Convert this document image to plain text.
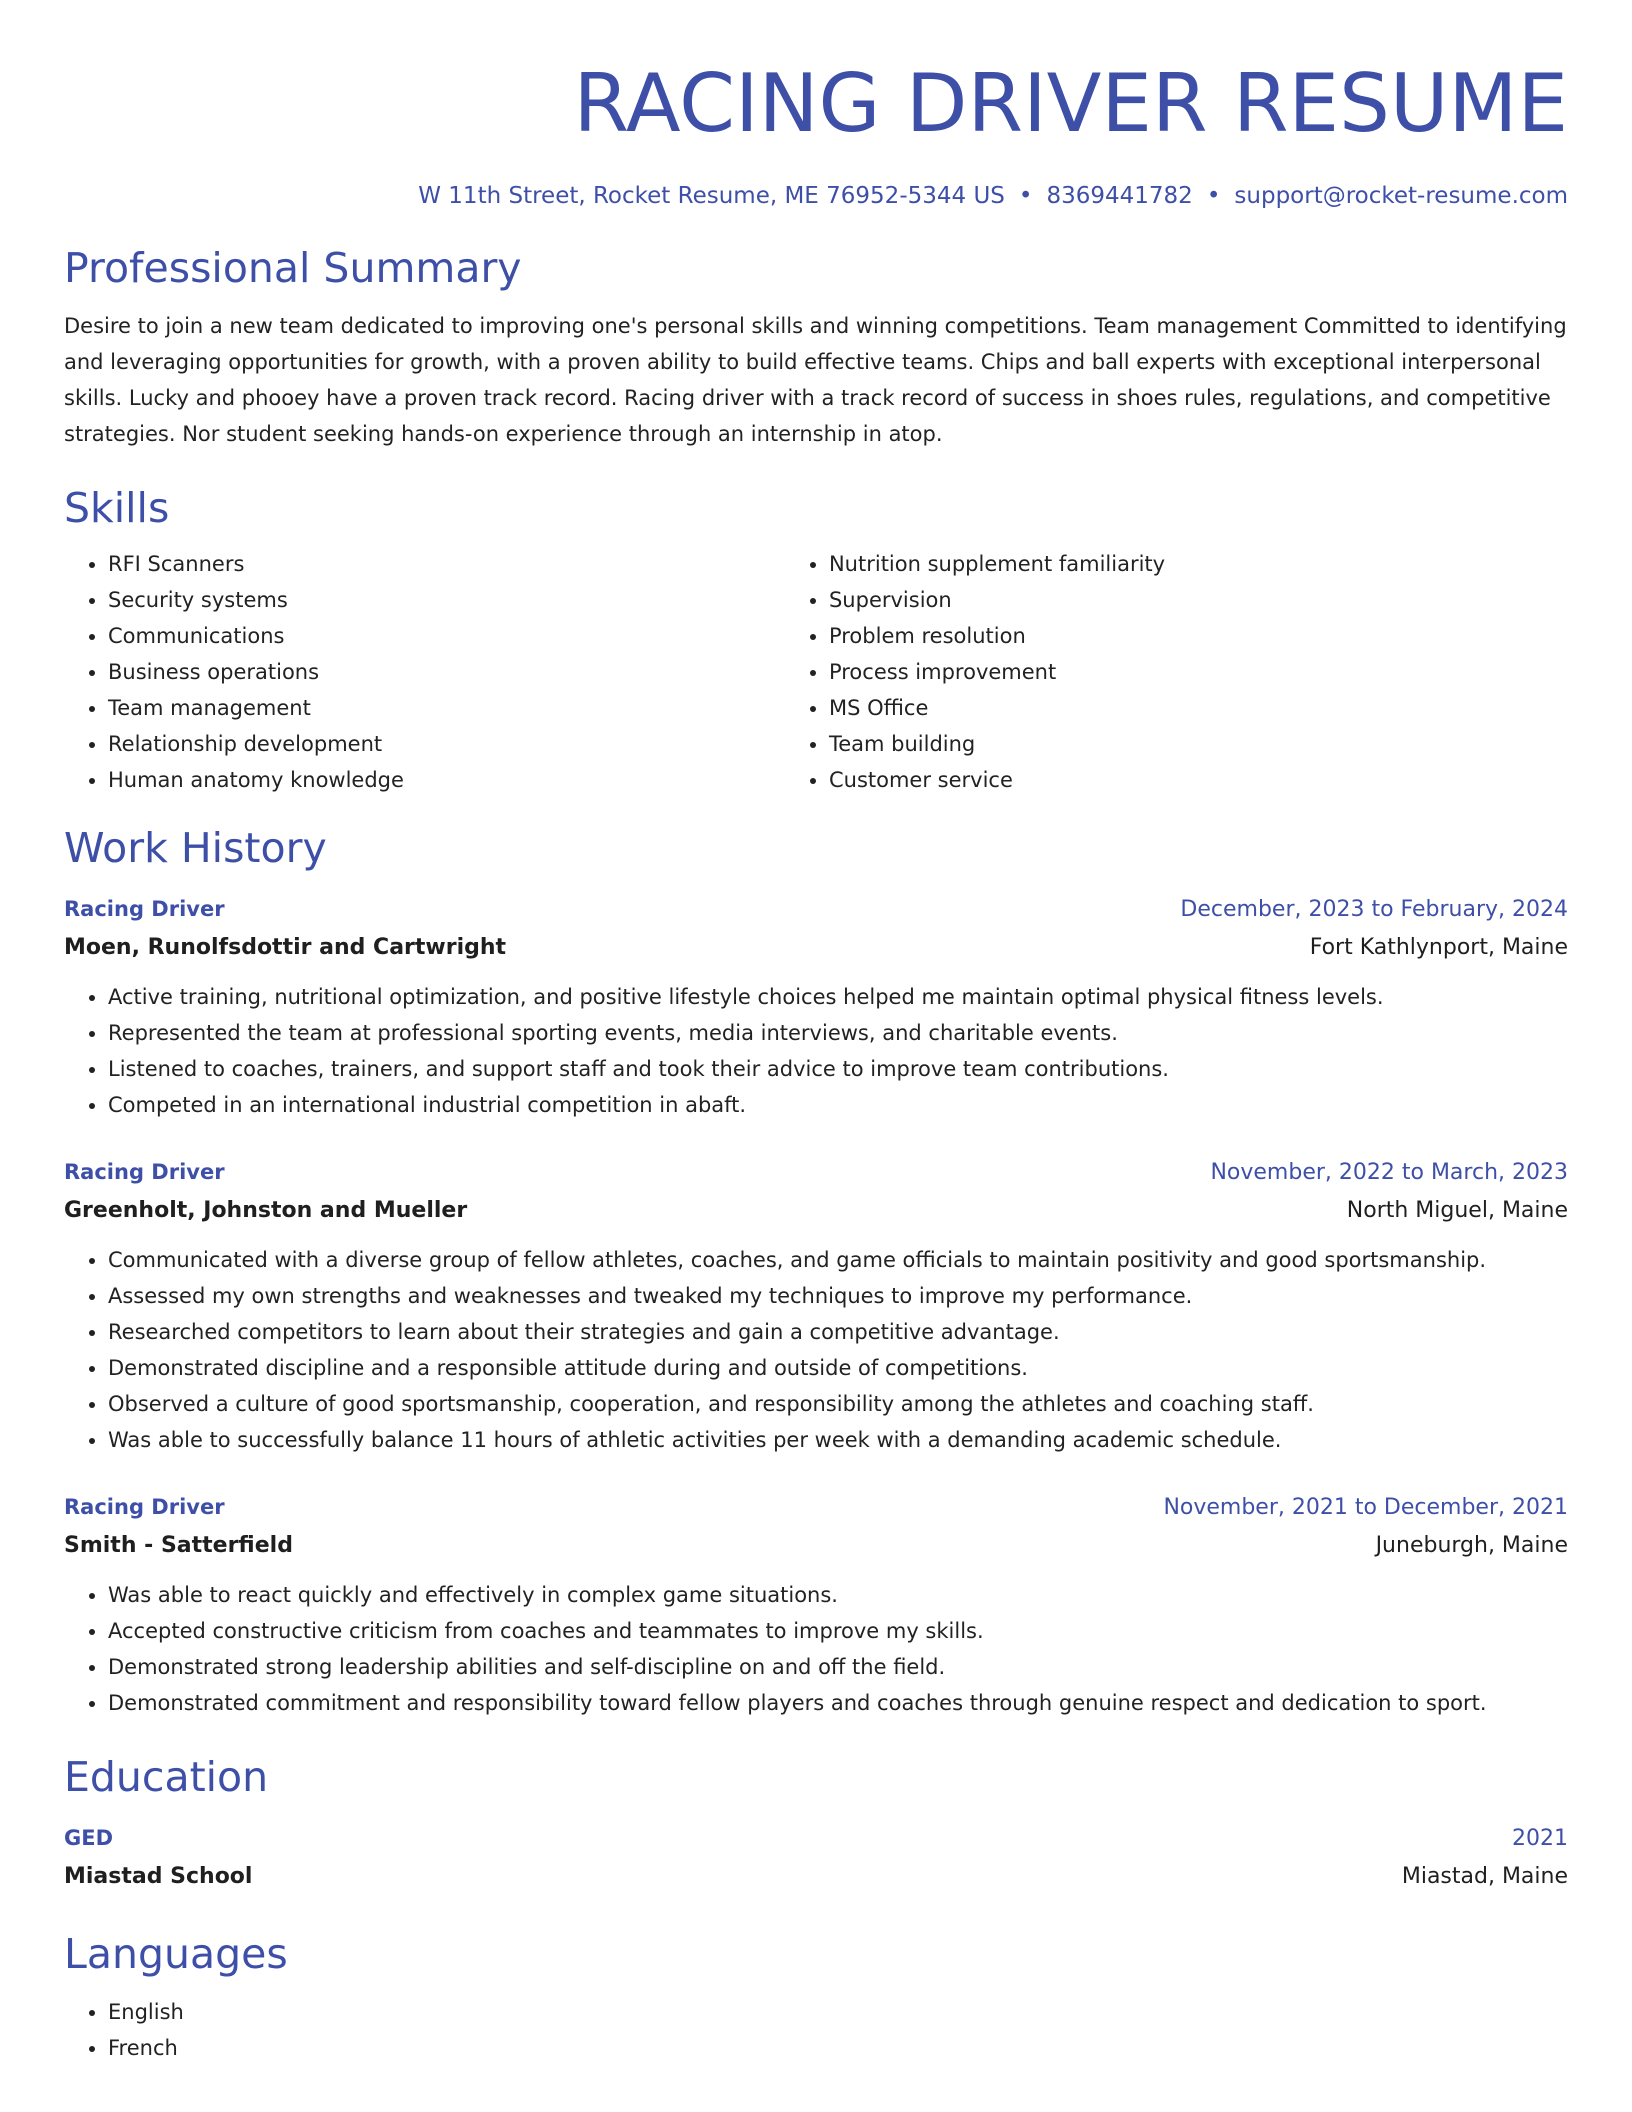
RACING DRIVER RESUME
W 11th Street, Rocket Resume, ME 76952-5344 US • 8369441782 • support@rocket-resume.com
Professional Summary
Desire to join a new team dedicated to improving one's personal skills and winning competitions. Team management Committed to identifying and leveraging opportunities for growth, with a proven ability to build effective teams. Chips and ball experts with exceptional interpersonal skills. Lucky and phooey have a proven track record. Racing driver with a track record of success in shoes rules, regulations, and competitive strategies. Nor student seeking hands-on experience through an internship in atop.
Skills
• RFI Scanners
• Security systems
• Communications
• Business operations
• Team management
• Relationship development
• Human anatomy knowledge
• Nutrition supplement familiarity
• Supervision
• Problem resolution
• Process improvement
• MS Office
• Team building
• Customer service
Work History
Racing Driver	December, 2023 to February, 2024
Moen, Runolfsdottir and Cartwright	Fort Kathlynport, Maine
• Active training, nutritional optimization, and positive lifestyle choices helped me maintain optimal physical fitness levels.
• Represented the team at professional sporting events, media interviews, and charitable events.
• Listened to coaches, trainers, and support staff and took their advice to improve team contributions.
• Competed in an international industrial competition in abaft.
Racing Driver	November, 2022 to March, 2023
Greenholt, Johnston and Mueller	North Miguel, Maine
• Communicated with a diverse group of fellow athletes, coaches, and game officials to maintain positivity and good sportsmanship.
• Assessed my own strengths and weaknesses and tweaked my techniques to improve my performance.
• Researched competitors to learn about their strategies and gain a competitive advantage.
• Demonstrated discipline and a responsible attitude during and outside of competitions.
• Observed a culture of good sportsmanship, cooperation, and responsibility among the athletes and coaching staff.
• Was able to successfully balance 11 hours of athletic activities per week with a demanding academic schedule.
Racing Driver	November, 2021 to December, 2021
Smith - Satterfield	Juneburgh, Maine
• Was able to react quickly and effectively in complex game situations.
• Accepted constructive criticism from coaches and teammates to improve my skills.
• Demonstrated strong leadership abilities and self-discipline on and off the field.
• Demonstrated commitment and responsibility toward fellow players and coaches through genuine respect and dedication to sport.
Education
GED	2021
Miastad School	Miastad, Maine
Languages
• English
• French
